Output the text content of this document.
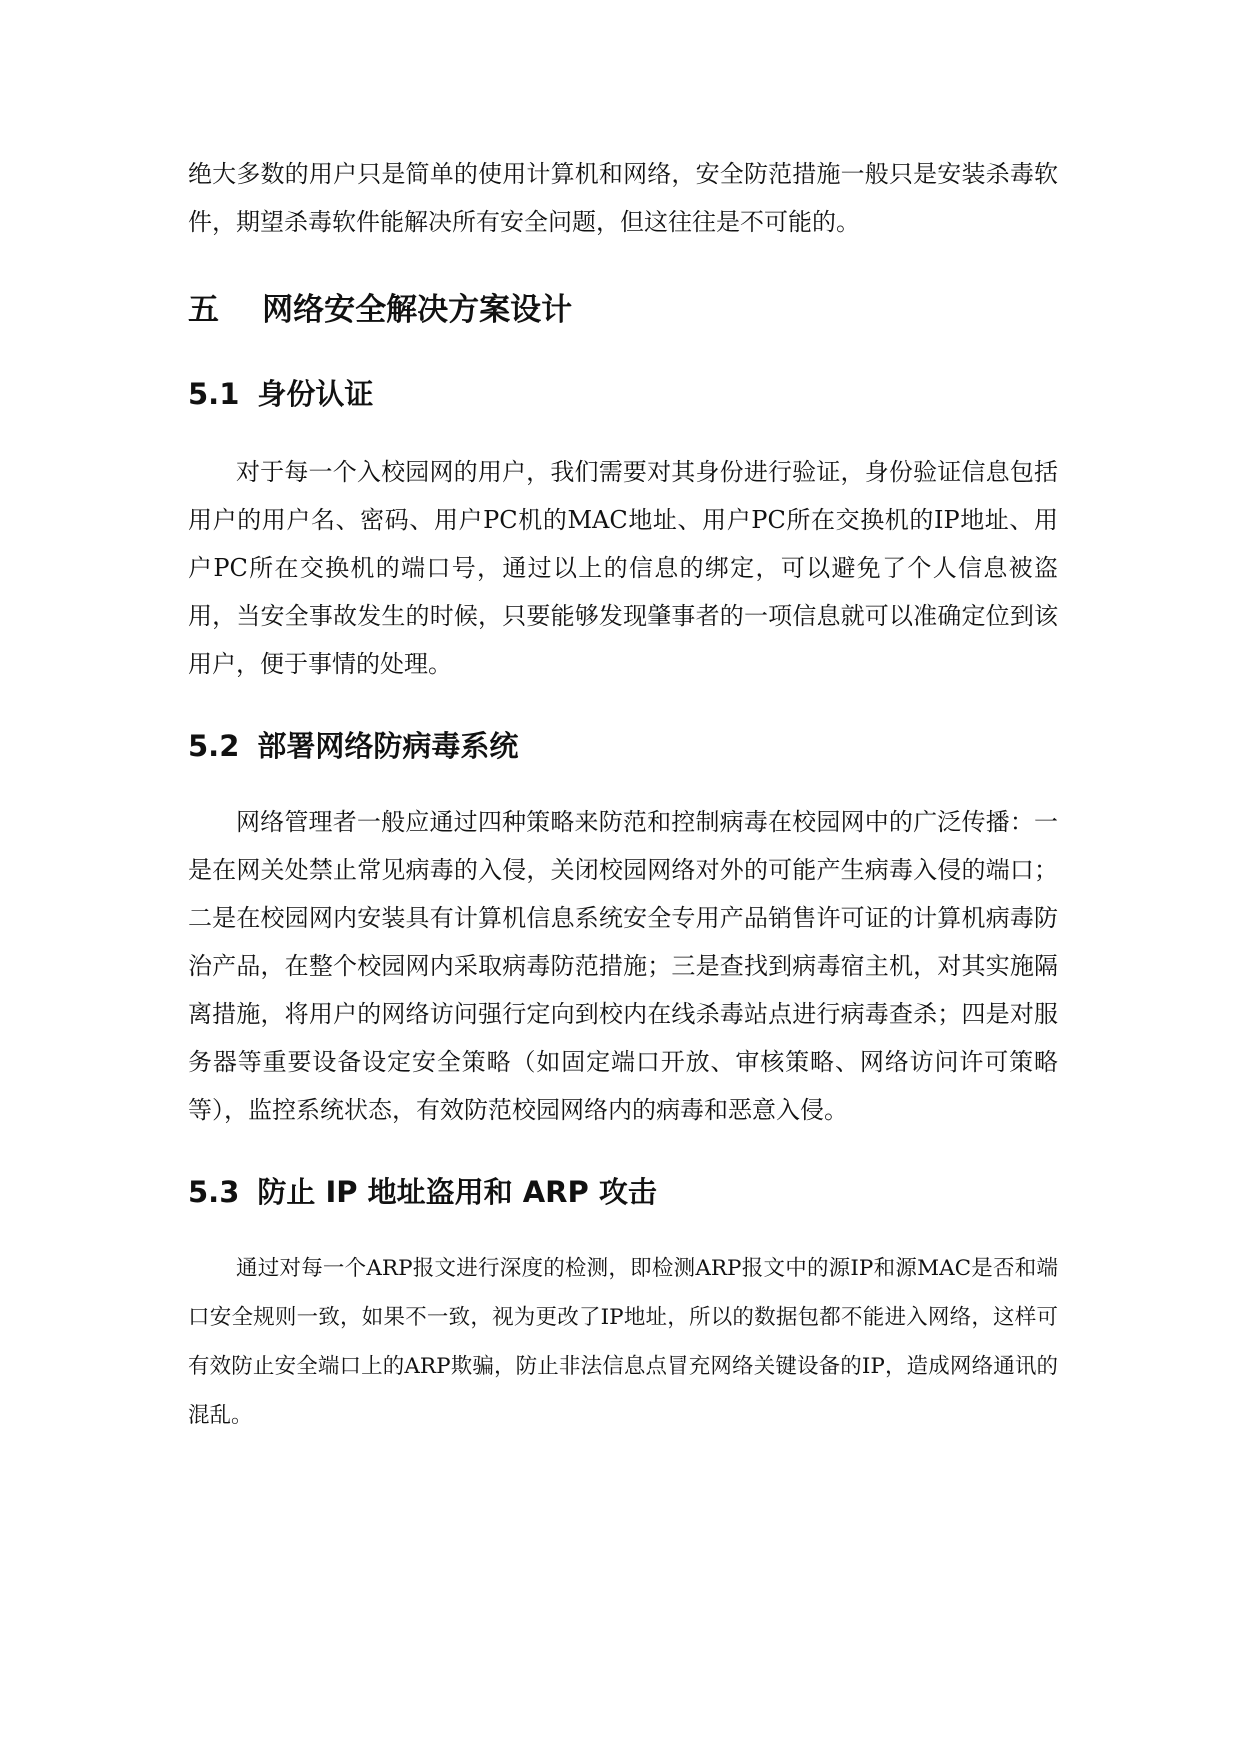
绝大多数的用户只是简单的使用计算机和网络，安全防范措施一般只是安装杀毒软件，期望杀毒软件能解决所有安全问题，但这往往是不可能的。

五    网络安全解决方案设计
5.1 身份认证

对于每一个入校园网的用户，我们需要对其身份进行验证，身份验证信息包括用户的用户名、密码、用户PC机的MAC地址、用户PC所在交换机的IP地址、用户PC所在交换机的端口号，通过以上的信息的绑定，可以避免了个人信息被盗用，当安全事故发生的时候，只要能够发现肇事者的一项信息就可以准确定位到该用户，便于事情的处理。

5.2 部署网络防病毒系统

网络管理者一般应通过四种策略来防范和控制病毒在校园网中的广泛传播：一是在网关处禁止常见病毒的入侵，关闭校园网络对外的可能产生病毒入侵的端口；二是在校园网内安装具有计算机信息系统安全专用产品销售许可证的计算机病毒防治产品，在整个校园网内采取病毒防范措施；三是查找到病毒宿主机，对其实施隔离措施，将用户的网络访问强行定向到校内在线杀毒站点进行病毒查杀；四是对服务器等重要设备设定安全策略（如固定端口开放、审核策略、网络访问许可策略等），监控系统状态，有效防范校园网络内的病毒和恶意入侵。

5.3 防止 IP 地址盗用和 ARP 攻击

通过对每一个ARP报文进行深度的检测，即检测ARP报文中的源IP和源MAC是否和端口安全规则一致，如果不一致，视为更改了IP地址，所以的数据包都不能进入网络，这样可有效防止安全端口上的ARP欺骗，防止非法信息点冒充网络关键设备的IP，造成网络通讯的混乱。
